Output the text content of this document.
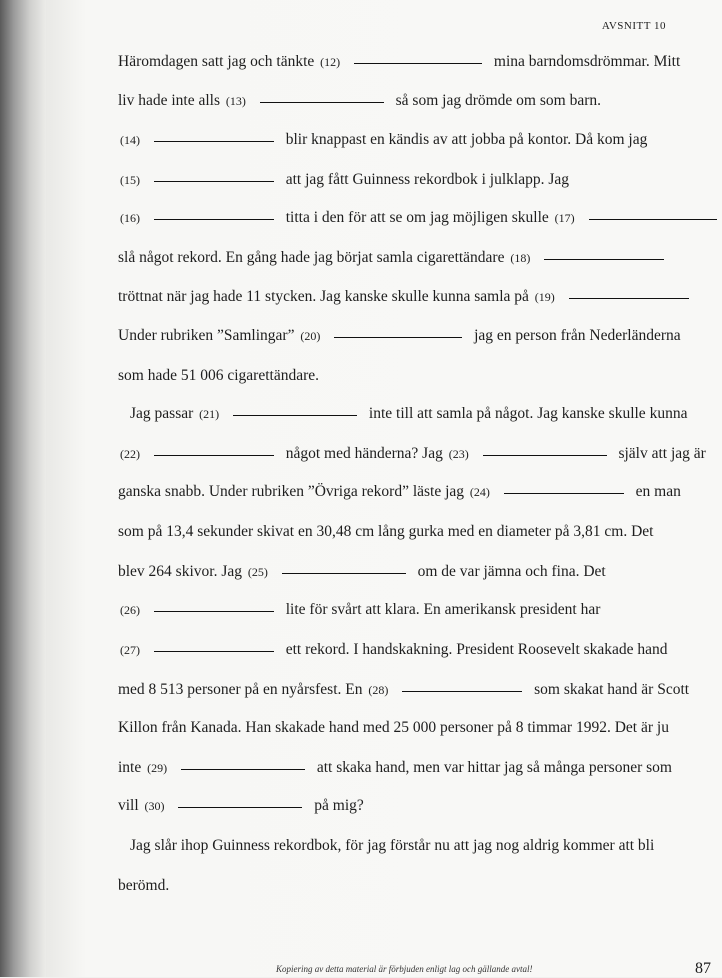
AVSNITT 10
Häromdagen satt jag och tänkte (12)	mina barndomsdrömmar. Mitt
liv hade inte alls (13)	så som jag drömde om som barn.
(14)	blir knappast en kändis av att jobba på kontor. Då kom jag
(15)	att jag fått Guinness rekordbok i julklapp. Jag
(16)	titta i den för att se om jag möjligen skulle (17)
slå något rekord. En gång hade jag börjat samla cigarettändare (18)
tröttnat när jag hade 11 stycken. Jag kanske skulle kunna samla på (19)
Under rubriken ”Samlingar” (20)	jag en person från Nederländerna
som hade 51 006 cigarettändare.
Jag passar (21)	inte till att samla på något. Jag kanske skulle kunna
(22)	något med händerna? Jag (23)	själv att jag är
ganska snabb. Under rubriken ”Övriga rekord” läste jag (24)	en man
som på 13,4 sekunder skivat en 30,48 cm lång gurka med en diameter på 3,81 cm. Det
blev 264 skivor. Jag (25)	om de var jämna och fina. Det
(26)	lite för svårt att klara. En amerikansk president har
(27)	ett rekord. I handskakning. President Roosevelt skakade hand
med 8 513 personer på en nyårsfest. En (28)	som skakat hand är Scott
Killon från Kanada. Han skakade hand med 25 000 personer på 8 timmar 1992. Det är ju
inte (29)	att skaka hand, men var hittar jag så många personer som
vill (30)	på mig?
Jag slår ihop Guinness rekordbok, för jag förstår nu att jag nog aldrig kommer att bli
berömd.
Kopiering av detta material är förbjuden enligt lag och gällande avtal!	87
